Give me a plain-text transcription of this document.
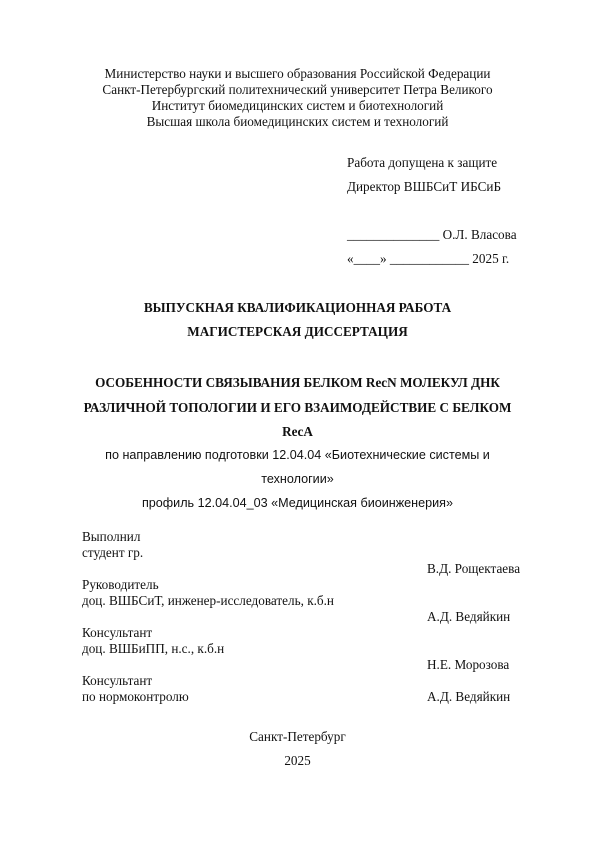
Министерство науки и высшего образования Российской Федерации
Санкт-Петербургский политехнический университет Петра Великого
Институт биомедицинских систем и биотехнологий
Высшая школа биомедицинских систем и технологий
Работа допущена к защите
Директор ВШБСиТ ИБСиБ
______________ О.Л. Власова
«____» ____________ 2025 г.
ВЫПУСКНАЯ КВАЛИФИКАЦИОННАЯ РАБОТА
МАГИСТЕРСКАЯ ДИССЕРТАЦИЯ
ОСОБЕННОСТИ СВЯЗЫВАНИЯ БЕЛКОМ RecN МОЛЕКУЛ ДНК
РАЗЛИЧНОЙ ТОПОЛОГИИ И ЕГО ВЗАИМОДЕЙСТВИЕ С БЕЛКОМ
RecA
по направлению подготовки 12.04.04 «Биотехнические системы и
технологии»
профиль 12.04.04_03 «Медицинская биоинженерия»
Выполнил
студент гр.
В.Д. Рощектаева
Руководитель
доц. ВШБСиТ, инженер-исследователь, к.б.н
А.Д. Ведяйкин
Консультант
доц. ВШБиПП, н.с., к.б.н
Н.Е. Морозова
Консультант
по нормоконтролю	А.Д. Ведяйкин
Санкт-Петербург
2025
